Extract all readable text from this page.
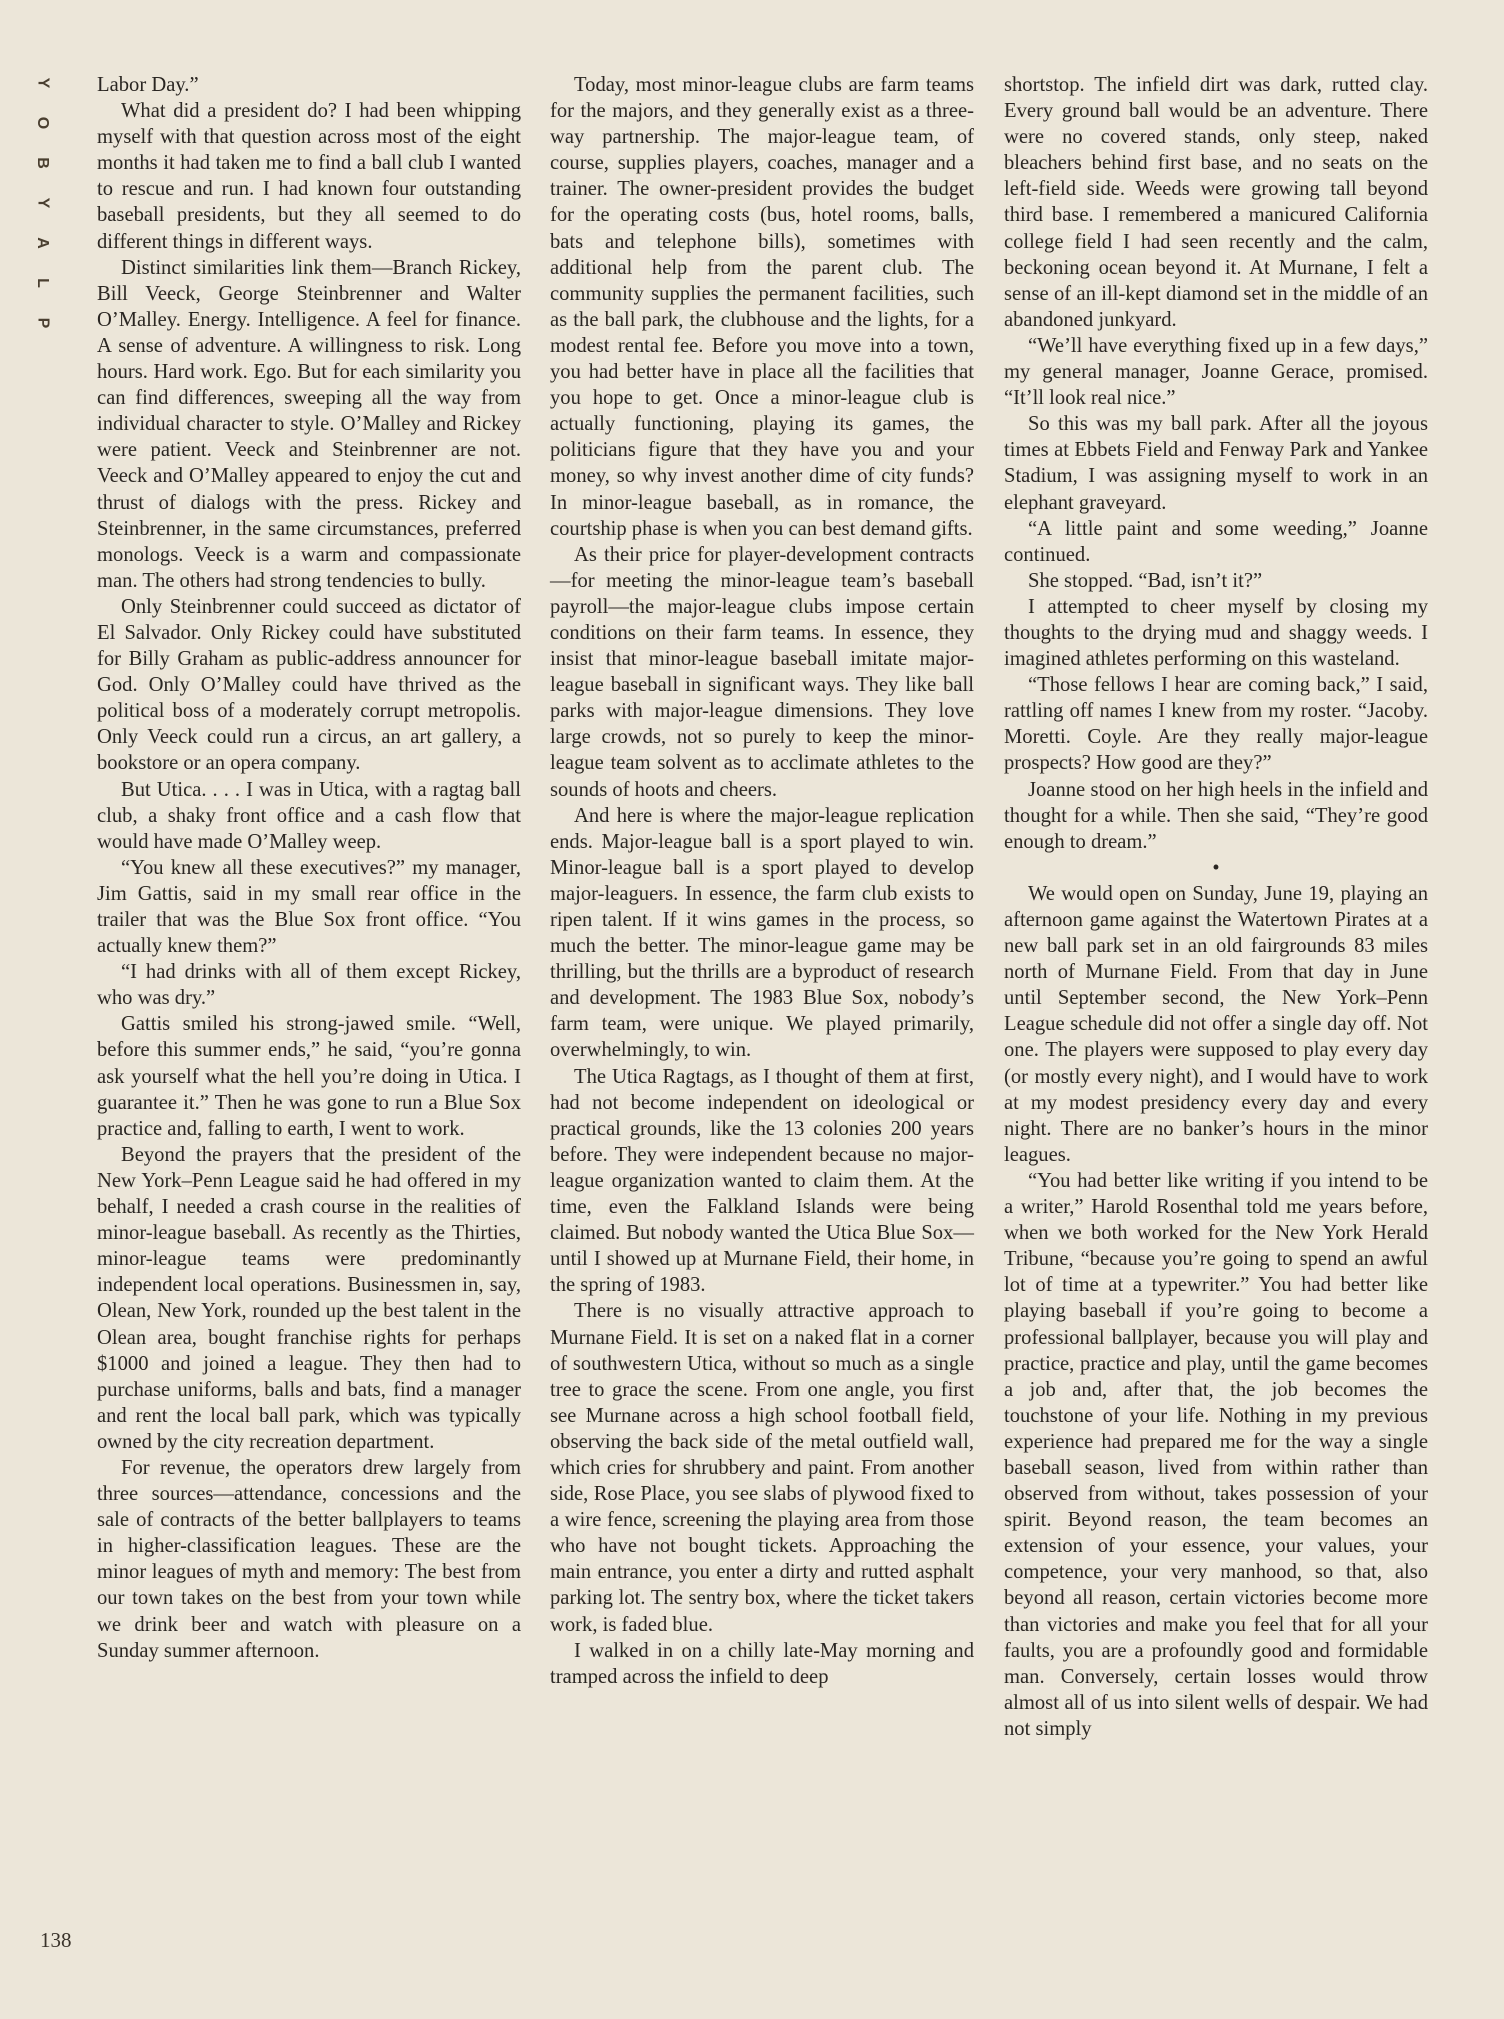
Y
O
B
Y
A
L
P
138

Labor Day.”

What did a president do? I had been whipping myself with that question across most of the eight months it had taken me to find a ball club I wanted to rescue and run. I had known four outstanding baseball presidents, but they all seemed to do different things in different ways.

Distinct similarities link them—Branch Rickey, Bill Veeck, George Steinbrenner and Walter O’Malley. Energy. Intelligence. A feel for finance. A sense of adventure. A willingness to risk. Long hours. Hard work. Ego. But for each similarity you can find differences, sweeping all the way from individual character to style. O’Malley and Rickey were patient. Veeck and Steinbrenner are not. Veeck and O’Malley appeared to enjoy the cut and thrust of dialogs with the press. Rickey and Steinbrenner, in the same circumstances, preferred monologs. Veeck is a warm and compassionate man. The others had strong tendencies to bully.

Only Steinbrenner could succeed as dictator of El Salvador. Only Rickey could have substituted for Billy Graham as public-address announcer for God. Only O’Malley could have thrived as the political boss of a moderately corrupt metropolis. Only Veeck could run a circus, an art gallery, a bookstore or an opera company.

But Utica. . . . I was in Utica, with a ragtag ball club, a shaky front office and a cash flow that would have made O’Malley weep.

“You knew all these executives?” my manager, Jim Gattis, said in my small rear office in the trailer that was the Blue Sox front office. “You actually knew them?”

“I had drinks with all of them except Rickey, who was dry.”

Gattis smiled his strong-jawed smile. “Well, before this summer ends,” he said, “you’re gonna ask yourself what the hell you’re doing in Utica. I guarantee it.” Then he was gone to run a Blue Sox practice and, falling to earth, I went to work.

Beyond the prayers that the president of the New York–Penn League said he had offered in my behalf, I needed a crash course in the realities of minor-league baseball. As recently as the Thirties, minor-league teams were predominantly independent local operations. Businessmen in, say, Olean, New York, rounded up the best talent in the Olean area, bought franchise rights for perhaps $1000 and joined a league. They then had to purchase uniforms, balls and bats, find a manager and rent the local ball park, which was typically owned by the city recreation department.

For revenue, the operators drew largely from three sources—attendance, concessions and the sale of contracts of the better ballplayers to teams in higher-classification leagues. These are the minor leagues of myth and memory: The best from our town takes on the best from your town while we drink beer and watch with pleasure on a Sunday summer afternoon.

Today, most minor-league clubs are farm teams for the majors, and they generally exist as a three-way partnership. The major-league team, of course, supplies players, coaches, manager and a trainer. The owner-president provides the budget for the operating costs (bus, hotel rooms, balls, bats and telephone bills), sometimes with additional help from the parent club. The community supplies the permanent facilities, such as the ball park, the clubhouse and the lights, for a modest rental fee. Before you move into a town, you had better have in place all the facilities that you hope to get. Once a minor-league club is actually functioning, playing its games, the politicians figure that they have you and your money, so why invest another dime of city funds? In minor-league baseball, as in romance, the courtship phase is when you can best demand gifts.

As their price for player-development contracts—for meeting the minor-league team’s baseball payroll—the major-league clubs impose certain conditions on their farm teams. In essence, they insist that minor-league baseball imitate major-league baseball in significant ways. They like ball parks with major-league dimensions. They love large crowds, not so purely to keep the minor-league team solvent as to acclimate athletes to the sounds of hoots and cheers.

And here is where the major-league replication ends. Major-league ball is a sport played to win. Minor-league ball is a sport played to develop major-leaguers. In essence, the farm club exists to ripen talent. If it wins games in the process, so much the better. The minor-league game may be thrilling, but the thrills are a byproduct of research and development. The 1983 Blue Sox, nobody’s farm team, were unique. We played primarily, overwhelmingly, to win.

The Utica Ragtags, as I thought of them at first, had not become independent on ideological or practical grounds, like the 13 colonies 200 years before. They were independent because no major-league organization wanted to claim them. At the time, even the Falkland Islands were being claimed. But nobody wanted the Utica Blue Sox—until I showed up at Murnane Field, their home, in the spring of 1983.

There is no visually attractive approach to Murnane Field. It is set on a naked flat in a corner of southwestern Utica, without so much as a single tree to grace the scene. From one angle, you first see Murnane across a high school football field, observing the back side of the metal outfield wall, which cries for shrubbery and paint. From another side, Rose Place, you see slabs of plywood fixed to a wire fence, screening the playing area from those who have not bought tickets. Approaching the main entrance, you enter a dirty and rutted asphalt parking lot. The sentry box, where the ticket takers work, is faded blue.

I walked in on a chilly late-May morning and tramped across the infield to deep

shortstop. The infield dirt was dark, rutted clay. Every ground ball would be an adventure. There were no covered stands, only steep, naked bleachers behind first base, and no seats on the left-field side. Weeds were growing tall beyond third base. I remembered a manicured California college field I had seen recently and the calm, beckoning ocean beyond it. At Murnane, I felt a sense of an ill-kept diamond set in the middle of an abandoned junkyard.

“We’ll have everything fixed up in a few days,” my general manager, Joanne Gerace, promised. “It’ll look real nice.”

So this was my ball park. After all the joyous times at Ebbets Field and Fenway Park and Yankee Stadium, I was assigning myself to work in an elephant graveyard.

“A little paint and some weeding,” Joanne continued.

She stopped. “Bad, isn’t it?”

I attempted to cheer myself by closing my thoughts to the drying mud and shaggy weeds. I imagined athletes performing on this wasteland.

“Those fellows I hear are coming back,” I said, rattling off names I knew from my roster. “Jacoby. Moretti. Coyle. Are they really major-league prospects? How good are they?”

Joanne stood on her high heels in the infield and thought for a while. Then she said, “They’re good enough to dream.”

•

We would open on Sunday, June 19, playing an afternoon game against the Watertown Pirates at a new ball park set in an old fairgrounds 83 miles north of Murnane Field. From that day in June until September second, the New York–Penn League schedule did not offer a single day off. Not one. The players were supposed to play every day (or mostly every night), and I would have to work at my modest presidency every day and every night. There are no banker’s hours in the minor leagues.

“You had better like writing if you intend to be a writer,” Harold Rosenthal told me years before, when we both worked for the New York Herald Tribune, “because you’re going to spend an awful lot of time at a typewriter.” You had better like playing baseball if you’re going to become a professional ballplayer, because you will play and practice, practice and play, until the game becomes a job and, after that, the job becomes the touchstone of your life. Nothing in my previous experience had prepared me for the way a single baseball season, lived from within rather than observed from without, takes possession of your spirit. Beyond reason, the team becomes an extension of your essence, your values, your competence, your very manhood, so that, also beyond all reason, certain victories become more than victories and make you feel that for all your faults, you are a profoundly good and formidable man. Conversely, certain losses would throw almost all of us into silent wells of despair. We had not simply
